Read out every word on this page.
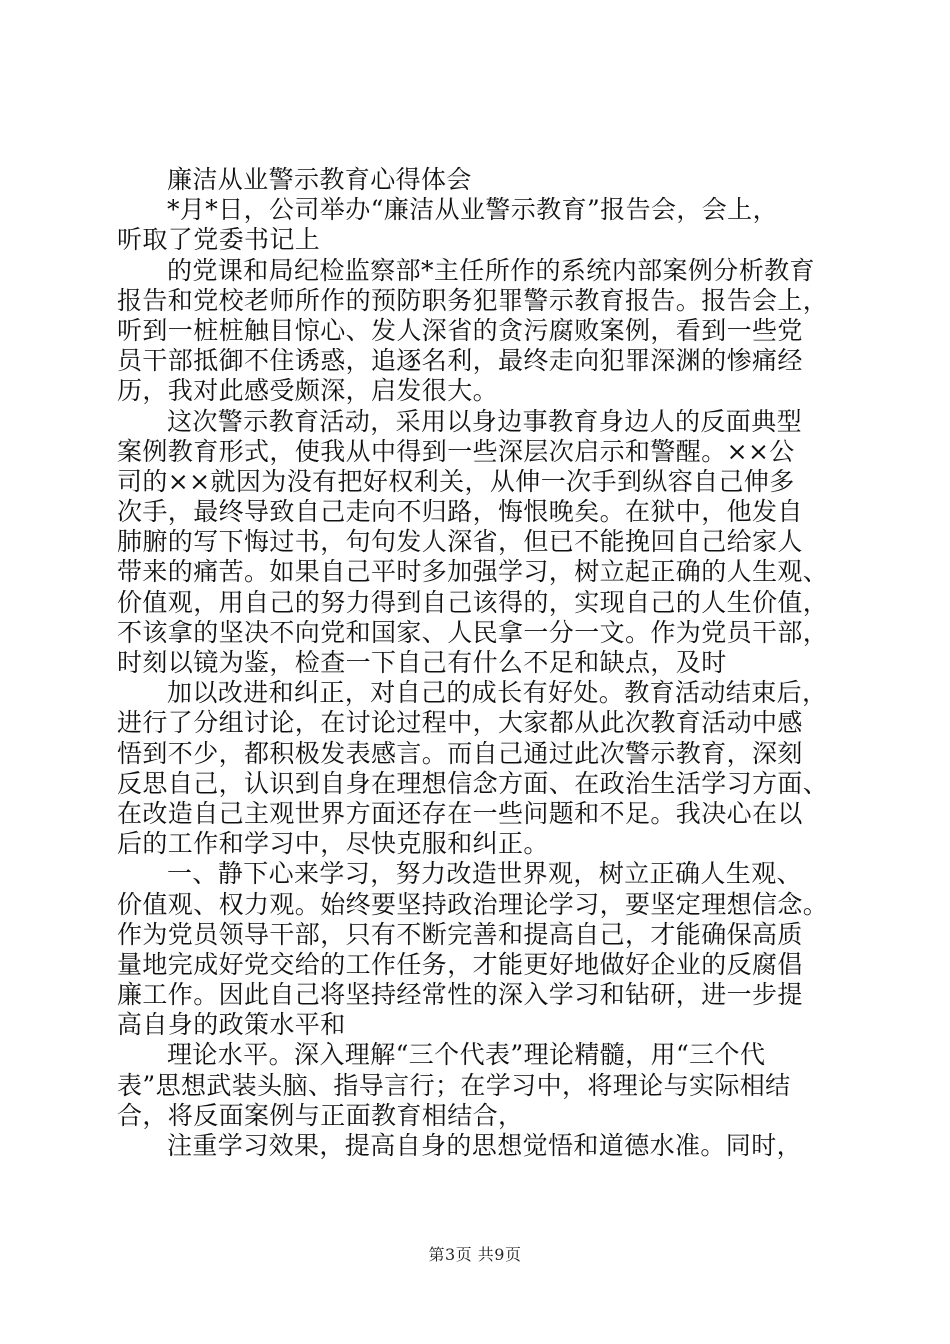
廉洁从业警示教育心得体会
*月*日，公司举办“廉洁从业警示教育”报告会，会上，
听取了党委书记上
的党课和局纪检监察部*主任所作的系统内部案例分析教育
报告和党校老师所作的预防职务犯罪警示教育报告。报告会上，
听到一桩桩触目惊心、发人深省的贪污腐败案例，看到一些党
员干部抵御不住诱惑，追逐名利，最终走向犯罪深渊的惨痛经
历，我对此感受颇深，启发很大。
这次警示教育活动，采用以身边事教育身边人的反面典型
案例教育形式，使我从中得到一些深层次启示和警醒。××公
司的××就因为没有把好权利关，从伸一次手到纵容自己伸多
次手，最终导致自己走向不归路，悔恨晚矣。在狱中，他发自
肺腑的写下悔过书，句句发人深省，但已不能挽回自己给家人
带来的痛苦。如果自己平时多加强学习，树立起正确的人生观、
价值观，用自己的努力得到自己该得的，实现自己的人生价值，
不该拿的坚决不向党和国家、人民拿一分一文。作为党员干部，
时刻以镜为鉴，检查一下自己有什么不足和缺点，及时
加以改进和纠正，对自己的成长有好处。教育活动结束后，
进行了分组讨论，在讨论过程中，大家都从此次教育活动中感
悟到不少，都积极发表感言。而自己通过此次警示教育，深刻
反思自己，认识到自身在理想信念方面、在政治生活学习方面、
在改造自己主观世界方面还存在一些问题和不足。我决心在以
后的工作和学习中，尽快克服和纠正。
一、静下心来学习，努力改造世界观，树立正确人生观、
价值观、权力观。始终要坚持政治理论学习，要坚定理想信念。
作为党员领导干部，只有不断完善和提高自己，才能确保高质
量地完成好党交给的工作任务，才能更好地做好企业的反腐倡
廉工作。因此自己将坚持经常性的深入学习和钻研，进一步提
高自身的政策水平和
理论水平。深入理解“三个代表”理论精髓，用“三个代
表”思想武装头脑、指导言行；在学习中，将理论与实际相结
合，将反面案例与正面教育相结合，
注重学习效果，提高自身的思想觉悟和道德水准。同时，
第3页 共9页
